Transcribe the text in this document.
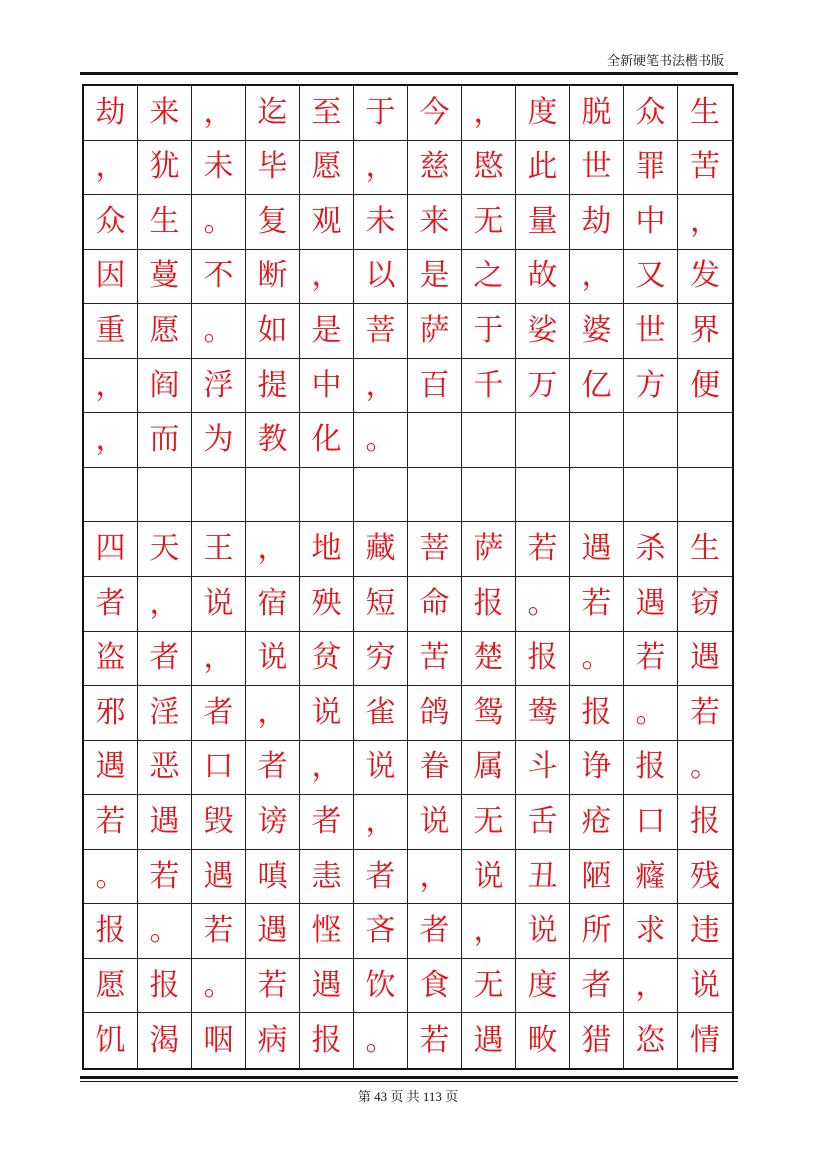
全新硬笔书法楷书版
劫 来 ， 迄 至 于 今 ， 度 脱 众 生
， 犹 未 毕 愿 ， 慈 愍 此 世 罪 苦
众 生 。 复 观 未 来 无 量 劫 中 ，
因 蔓 不 断 ， 以 是 之 故 ， 又 发
重 愿 。 如 是 菩 萨 于 娑 婆 世 界
， 阎 浮 提 中 ， 百 千 万 亿 方 便
， 而 为 教 化 。
四 天 王 ， 地 藏 菩 萨 若 遇 杀 生
者 ， 说 宿 殃 短 命 报 。 若 遇 窃
盗 者 ， 说 贫 穷 苦 楚 报 。 若 遇
邪 淫 者 ， 说 雀 鸽 鸳 鸯 报 。 若
遇 恶 口 者 ， 说 眷 属 斗 诤 报 。
若 遇 毁 谤 者 ， 说 无 舌 疮 口 报
。 若 遇 嗔 恚 者 ， 说 丑 陋 癃 残
报 。 若 遇 悭 吝 者 ， 说 所 求 违
愿 报 。 若 遇 饮 食 无 度 者 ， 说
饥 渴 咽 病 报 。 若 遇 畋 猎 恣 情
第 43 页 共 113 页
